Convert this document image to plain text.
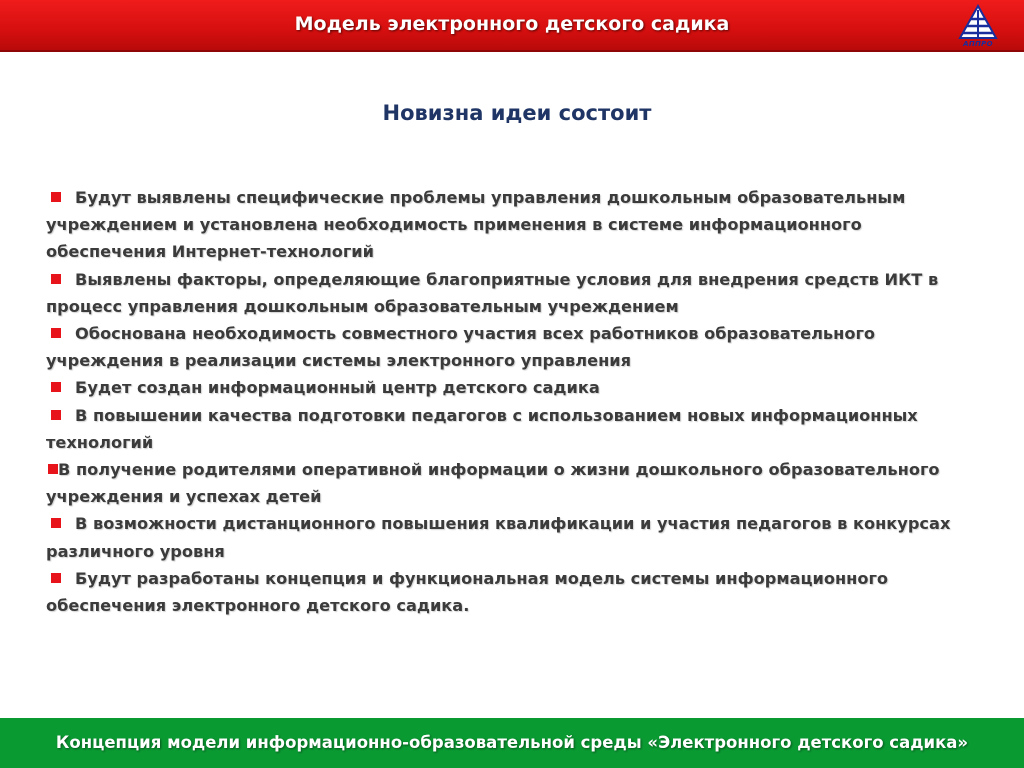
Модель электронного детского садика
АППРО
Новизна идеи состоит
Будут выявлены специфические проблемы управления дошкольным образовательным учреждением и установлена необходимость применения в системе информационного обеспечения Интернет-технологий
Выявлены факторы, определяющие благоприятные условия для внедрения средств ИКТ в процесс управления дошкольным образовательным учреждением
Обоснована необходимость совместного участия всех работников образовательного учреждения в реализации системы электронного управления
Будет создан информационный центр детского садика
В повышении качества подготовки педагогов с использованием новых информационных технологий
В получение родителями оперативной информации о жизни дошкольного образовательного учреждения и успехах детей
В возможности дистанционного повышения квалификации и участия педагогов в конкурсах различного уровня
Будут разработаны концепция и функциональная модель системы информационного обеспечения электронного детского садика.
Концепция модели информационно-образовательной среды «Электронного детского садика»
